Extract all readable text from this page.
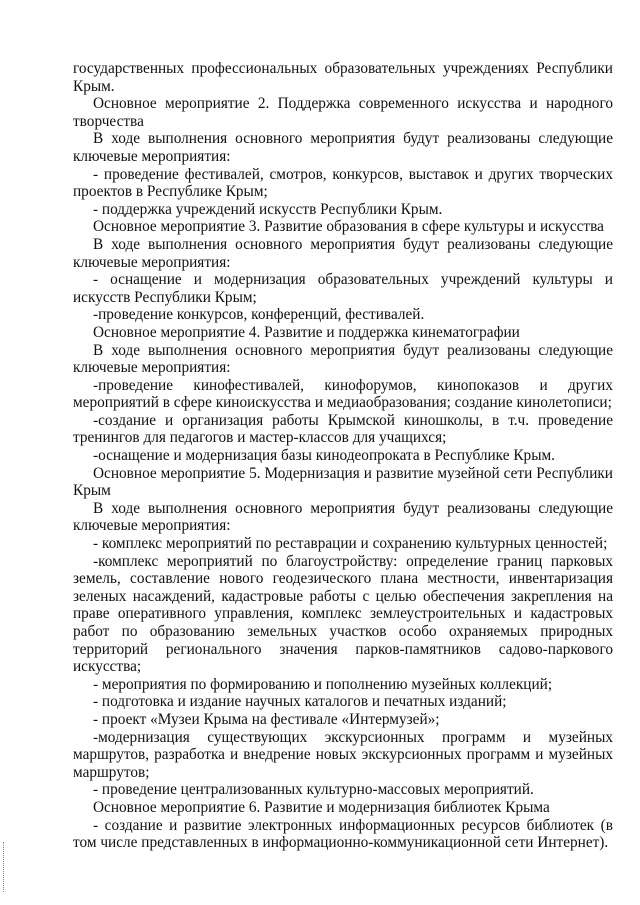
государственных профессиональных образовательных учреждениях Республики Крым.

Основное мероприятие 2. Поддержка современного искусства и народного творчества

В ходе выполнения основного мероприятия будут реализованы следующие ключевые мероприятия:

- проведение фестивалей, смотров, конкурсов, выставок и других творческих проектов в Республике Крым;

- поддержка учреждений искусств Республики Крым.

Основное мероприятие 3. Развитие образования в сфере культуры и искусства

В ходе выполнения основного мероприятия будут реализованы следующие ключевые мероприятия:

- оснащение и модернизация образовательных учреждений культуры и искусств Республики Крым;

-проведение конкурсов, конференций, фестивалей.

Основное мероприятие 4. Развитие и поддержка кинематографии

В ходе выполнения основного мероприятия будут реализованы следующие ключевые мероприятия:

-проведение кинофестивалей, кинофорумов, кинопоказов и других мероприятий в сфере киноискусства и медиаобразования; создание кинолетописи;

-создание и организация работы Крымской киношколы, в т.ч. проведение тренингов для педагогов и мастер-классов для учащихся;

-оснащение и модернизация базы кинодеопроката в Республике Крым.

Основное мероприятие 5. Модернизация и развитие музейной сети Республики Крым

В ходе выполнения основного мероприятия будут реализованы следующие ключевые мероприятия:

- комплекс мероприятий по реставрации и сохранению культурных ценностей;

-комплекс мероприятий по благоустройству: определение границ парковых земель, составление нового геодезического плана местности, инвентаризация зеленых насаждений, кадастровые работы с целью обеспечения закрепления на праве оперативного управления, комплекс землеустроительных и кадастровых работ по образованию земельных участков особо охраняемых природных территорий регионального значения парков-памятников садово-паркового искусства;

- мероприятия по формированию и пополнению музейных коллекций;

- подготовка и издание научных каталогов и печатных изданий;

- проект «Музеи Крыма на фестивале «Интермузей»;

-модернизация существующих экскурсионных программ и музейных маршрутов, разработка и внедрение новых экскурсионных программ и музейных маршрутов;

- проведение централизованных культурно-массовых мероприятий.

Основное мероприятие 6. Развитие и модернизация библиотек Крыма

- создание и развитие электронных информационных ресурсов библиотек (в том числе представленных в информационно-коммуникационной сети Интернет).
